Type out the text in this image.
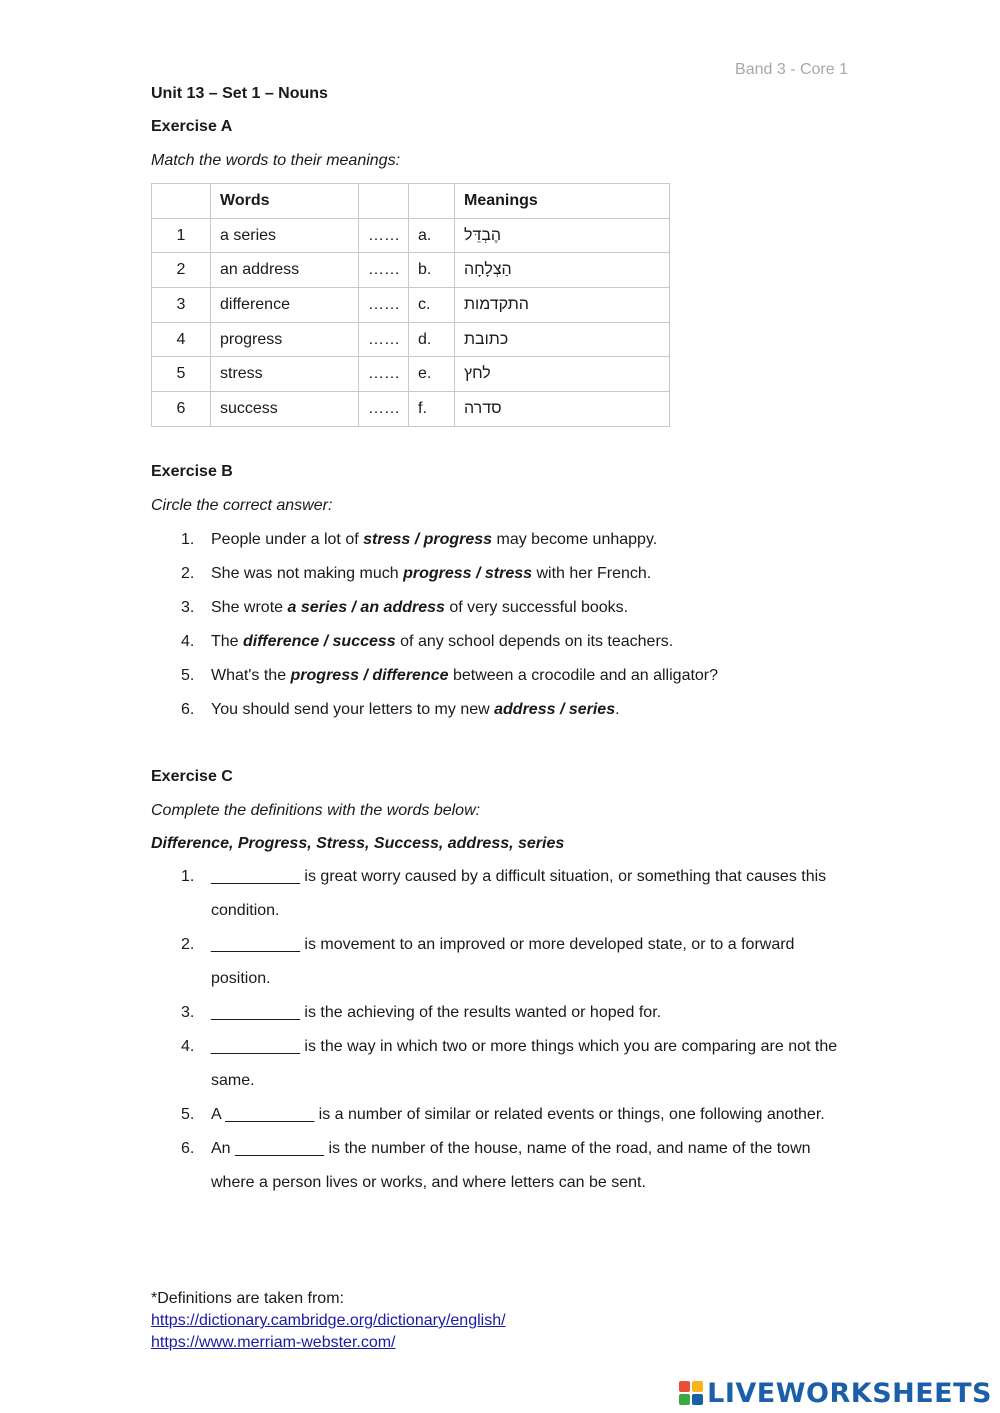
Band 3 - Core 1
Unit 13 – Set 1 – Nouns
Exercise A
Match the words to their meanings:
	Words			Meanings
1	a series	……	a.	הֶבְדֵּל
2	an address	……	b.	הַצְלָחָה
3	difference	……	c.	התקדמות
4	progress	……	d.	כתובת
5	stress	……	e.	לחץ
6	success	……	f.	סדרה
Exercise B
Circle the correct answer:
1. People under a lot of stress / progress may become unhappy.
2. She was not making much progress / stress with her French.
3. She wrote a series / an address of very successful books.
4. The difference / success of any school depends on its teachers.
5. What's the progress / difference between a crocodile and an alligator?
6. You should send your letters to my new address / series.
Exercise C
Complete the definitions with the words below:
Difference, Progress, Stress, Success, address, series
1. __________ is great worry caused by a difficult situation, or something that causes this condition.
2. __________ is movement to an improved or more developed state, or to a forward position.
3. __________ is the achieving of the results wanted or hoped for.
4. __________ is the way in which two or more things which you are comparing are not the same.
5. A __________ is a number of similar or related events or things, one following another.
6. An __________ is the number of the house, name of the road, and name of the town where a person lives or works, and where letters can be sent.
*Definitions are taken from:
https://dictionary.cambridge.org/dictionary/english/
https://www.merriam-webster.com/
LIVEWORKSHEETS
